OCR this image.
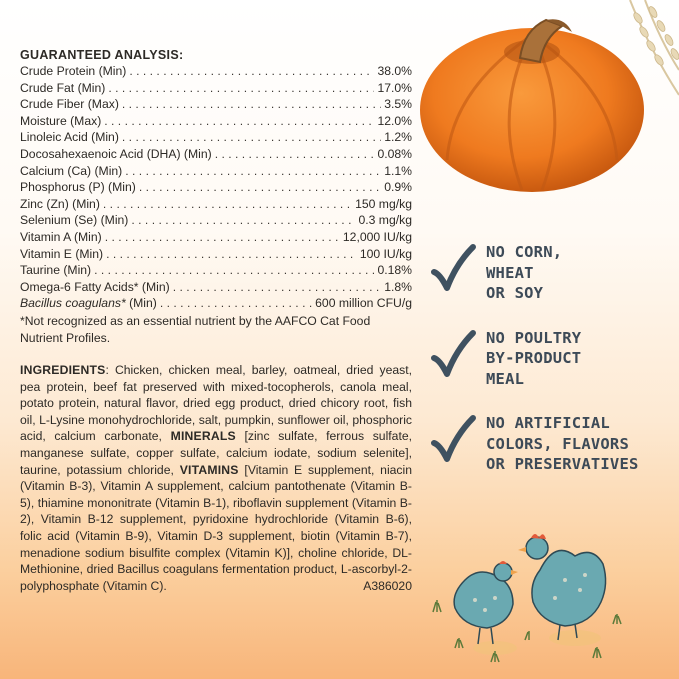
GUARANTEED ANALYSIS:
Crude Protein (Min) . . .	38.0%
Crude Fat (Min) . . .	17.0%
Crude Fiber (Max) . . .	3.5%
Moisture (Max) . . .	12.0%
Linoleic Acid (Min) . . .	1.2%
Docosahexaenoic Acid (DHA) (Min) . . .	0.08%
Calcium (Ca) (Min) . . .	1.1%
Phosphorus (P) (Min) . . .	0.9%
Zinc (Zn) (Min) . . .	150 mg/kg
Selenium (Se) (Min) . . .	0.3 mg/kg
Vitamin A (Min) . . .	12,000 IU/kg
Vitamin E (Min) . . .	100 IU/kg
Taurine (Min) . . .	0.18%
Omega-6 Fatty Acids* (Min) . . .	1.8%
Bacillus coagulans* (Min) . . .	600 million CFU/g
*Not recognized as an essential nutrient by the AAFCO Cat Food Nutrient Profiles.
INGREDIENTS: Chicken, chicken meal, barley, oatmeal, dried yeast, pea protein, beef fat preserved with mixed-tocopherols, canola meal, potato protein, natural flavor, dried egg product, dried chicory root, fish oil, L-Lysine monohydrochloride, salt, pumpkin, sunflower oil, phosphoric acid, calcium carbonate, MINERALS [zinc sulfate, ferrous sulfate, manganese sulfate, copper sulfate, calcium iodate, sodium selenite], taurine, potassium chloride, VITAMINS [Vitamin E supplement, niacin (Vitamin B-3), Vitamin A supplement, calcium pantothenate (Vitamin B-5), thiamine mononitrate (Vitamin B-1), riboflavin supplement (Vitamin B-2), Vitamin B-12 supplement, pyridoxine hydrochloride (Vitamin B-6), folic acid (Vitamin B-9), Vitamin D-3 supplement, biotin (Vitamin B-7), menadione sodium bisulfite complex (Vitamin K)], choline chloride, DL-Methionine, dried Bacillus coagulans fermentation product, L-ascorbyl-2-polyphosphate (Vitamin C).	A386020
NO CORN,
WHEAT
OR SOY
NO POULTRY
BY-PRODUCT
MEAL
NO ARTIFICIAL
COLORS, FLAVORS
OR PRESERVATIVES
